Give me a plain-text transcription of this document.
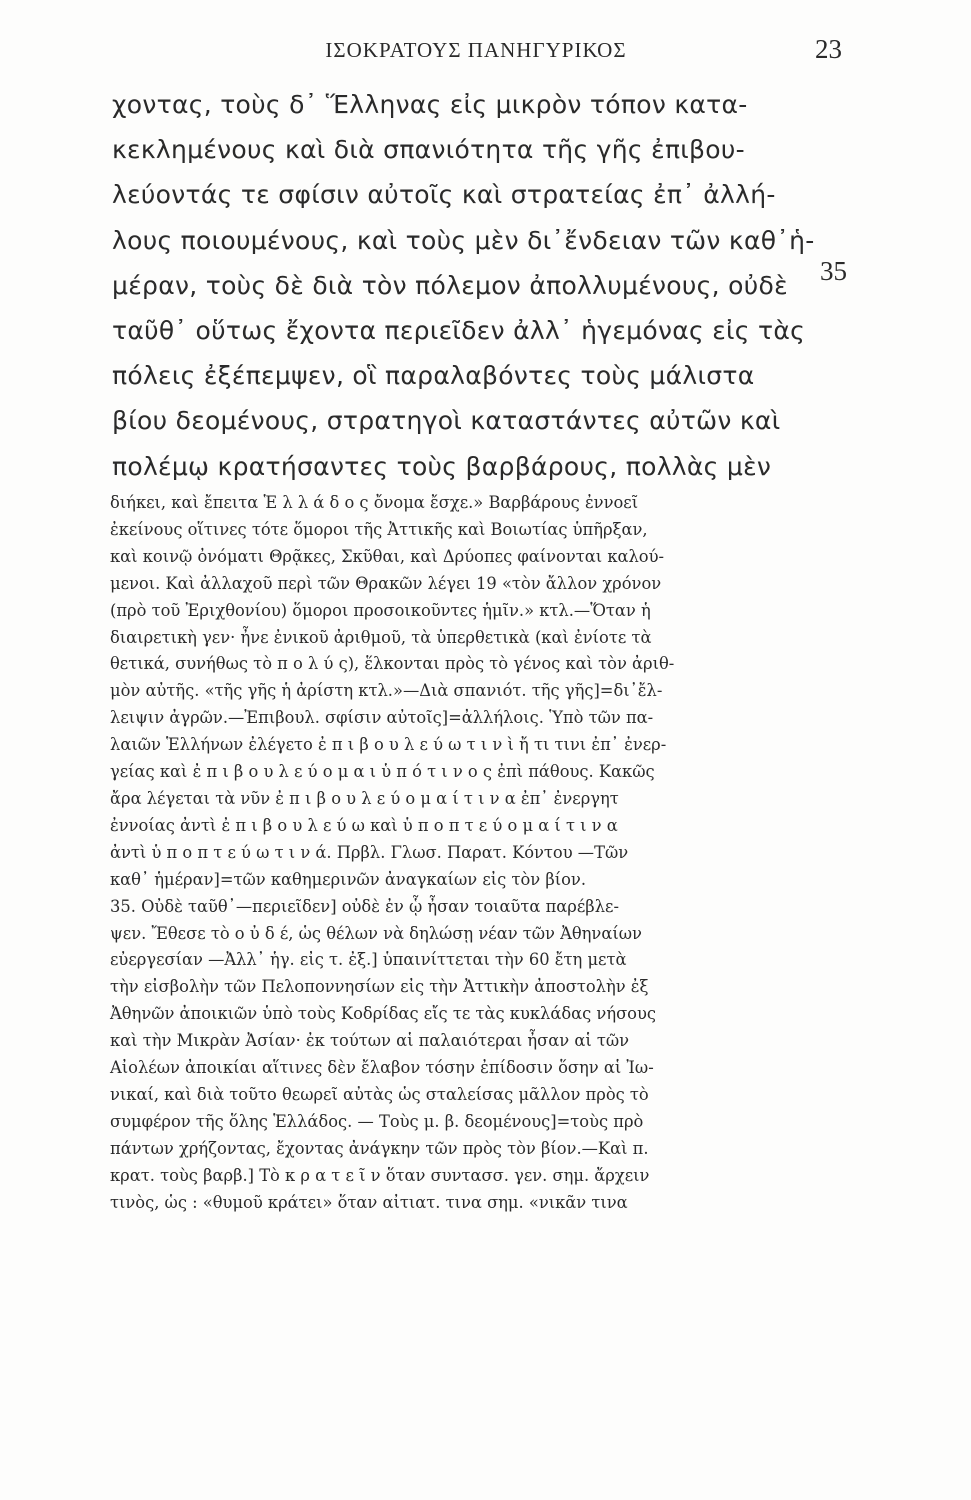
ΙΣΟΚΡΑΤΟΥΣ ΠΑΝΗΓΥΡΙΚΟΣ	23
χοντας, τοὺς δ᾽ Ἕλληνας εἰς μικρὸν τόπον κατα-
κεκλημένους καὶ διὰ σπανιότητα τῆς γῆς ἐπιβου-
λεύοντάς τε σφίσιν αὐτοῖς καὶ στρατείας ἐπ᾽ ἀλλή-
λους ποιουμένους, καὶ τοὺς μὲν δι᾽ἔνδειαν τῶν καθ᾽ἡ-
μέραν, τοὺς δὲ διὰ τὸν πόλεμον ἀπολλυμένους, οὐδὲ
ταῦθ᾽ οὕτως ἔχοντα περιεῖδεν ἀλλ᾽ ἡγεμόνας εἰς τὰς
πόλεις ἐξέπεμψεν, οἳ παραλαβόντες τοὺς μάλιστα
βίου δεομένους, στρατηγοὶ καταστάντες αὐτῶν καὶ
πολέμῳ κρατήσαντες τοὺς βαρβάρους, πολλὰς μὲν
35
διήκει, καὶ ἔπειτα Ἑ λ λ ά δ ο ς ὄνομα ἔσχε.» Βαρβάρους ἐννοεῖ
ἐκείνους οἵτινες τότε ὅμοροι τῆς Ἀττικῆς καὶ Βοιωτίας ὑπῆρξαν,
καὶ κοινῷ ὀνόματι Θρᾷκες, Σκῦθαι, καὶ Δρύοπες φαίνονται καλού-
μενοι. Καὶ ἀλλαχοῦ περὶ τῶν Θρακῶν λέγει 19 «τὸν ἄλλον χρόνον
(πρὸ τοῦ Ἐριχθονίου) ὅμοροι προσοικοῦντες ἡμῖν.» κτλ.—Ὅταν ἡ
διαιρετικὴ γεν· ἦνε ἐνικοῦ ἀριθμοῦ, τὰ ὑπερθετικὰ (καὶ ἐνίοτε τὰ
θετικά, συνήθως τὸ π ο λ ύ ς), ἕλκονται πρὸς τὸ γένος καὶ τὸν ἀριθ-
μὸν αὐτῆς. «τῆς γῆς ἡ ἀρίστη κτλ.»—Διὰ σπανιότ. τῆς γῆς]=δι᾽ἔλ-
λειψιν ἀγρῶν.—Ἐπιβουλ. σφίσιν αὐτοῖς]=ἀλλήλοις. Ὑπὸ τῶν πα-
λαιῶν Ἑλλήνων ἐλέγετο ἐ π ι β ο υ λ ε ύ ω τ ι ν ὶ ἤ τι τινι ἐπ᾽ ἐνερ-
γείας καὶ ἐ π ι β ο υ λ ε ύ ο μ α ι ὑ π ό τ ι ν ο ς ἐπὶ πάθους. Κακῶς
ἄρα λέγεται τὰ νῦν ἐ π ι β ο υ λ ε ύ ο μ α ί τ ι ν α ἐπ᾽ ἐνεργητ
ἐννοίας ἀντὶ ἐ π ι β ο υ λ ε ύ ω καὶ ὑ π ο π τ ε ύ ο μ α ί τ ι ν α
ἀντὶ ὑ π ο π τ ε ύ ω τ ι ν ά. Πρβλ. Γλωσ. Παρατ. Κόντου —Τῶν
καθ᾽ ἡμέραν]=τῶν καθημερινῶν ἀναγκαίων εἰς τὸν βίον.
35. Οὐδὲ ταῦθ᾽—περιεῖδεν] οὐδὲ ἐν ᾧ ἦσαν τοιαῦτα παρέβλε-
ψεν. Ἔθεσε τὸ ο ὐ δ έ, ὡς θέλων νὰ δηλώσῃ νέαν τῶν Ἀθηναίων
εὐεργεσίαν —Ἀλλ᾽ ἡγ. εἰς τ. ἐξ.] ὑπαινίττεται τὴν 60 ἔτη μετὰ
τὴν εἰσβολὴν τῶν Πελοποννησίων εἰς τὴν Ἀττικὴν ἀποστολὴν ἐξ
Ἀθηνῶν ἀποικιῶν ὑπὸ τοὺς Κοδρίδας εἴς τε τὰς κυκλάδας νήσους
καὶ τὴν Μικρὰν Ἀσίαν· ἐκ τούτων αἱ παλαιότεραι ἦσαν αἱ τῶν
Αἰολέων ἀποικίαι αἵτινες δὲν ἔλαβον τόσην ἐπίδοσιν ὅσην αἱ Ἰω-
νικαί, καὶ διὰ τοῦτο θεωρεῖ αὐτὰς ὡς σταλείσας μᾶλλον πρὸς τὸ
συμφέρον τῆς ὅλης Ἑλλάδος. — Τοὺς μ. β. δεομένους]=τοὺς πρὸ
πάντων χρήζοντας, ἔχοντας ἀνάγκην τῶν πρὸς τὸν βίον.—Καὶ π.
κρατ. τοὺς βαρβ.] Τὸ κ ρ α τ ε ῖ ν ὅταν συντασσ. γεν. σημ. ἄρχειν
τινὸς, ὡς : «θυμοῦ κράτει» ὅταν αἰτιατ. τινα σημ. «νικᾶν τινα
